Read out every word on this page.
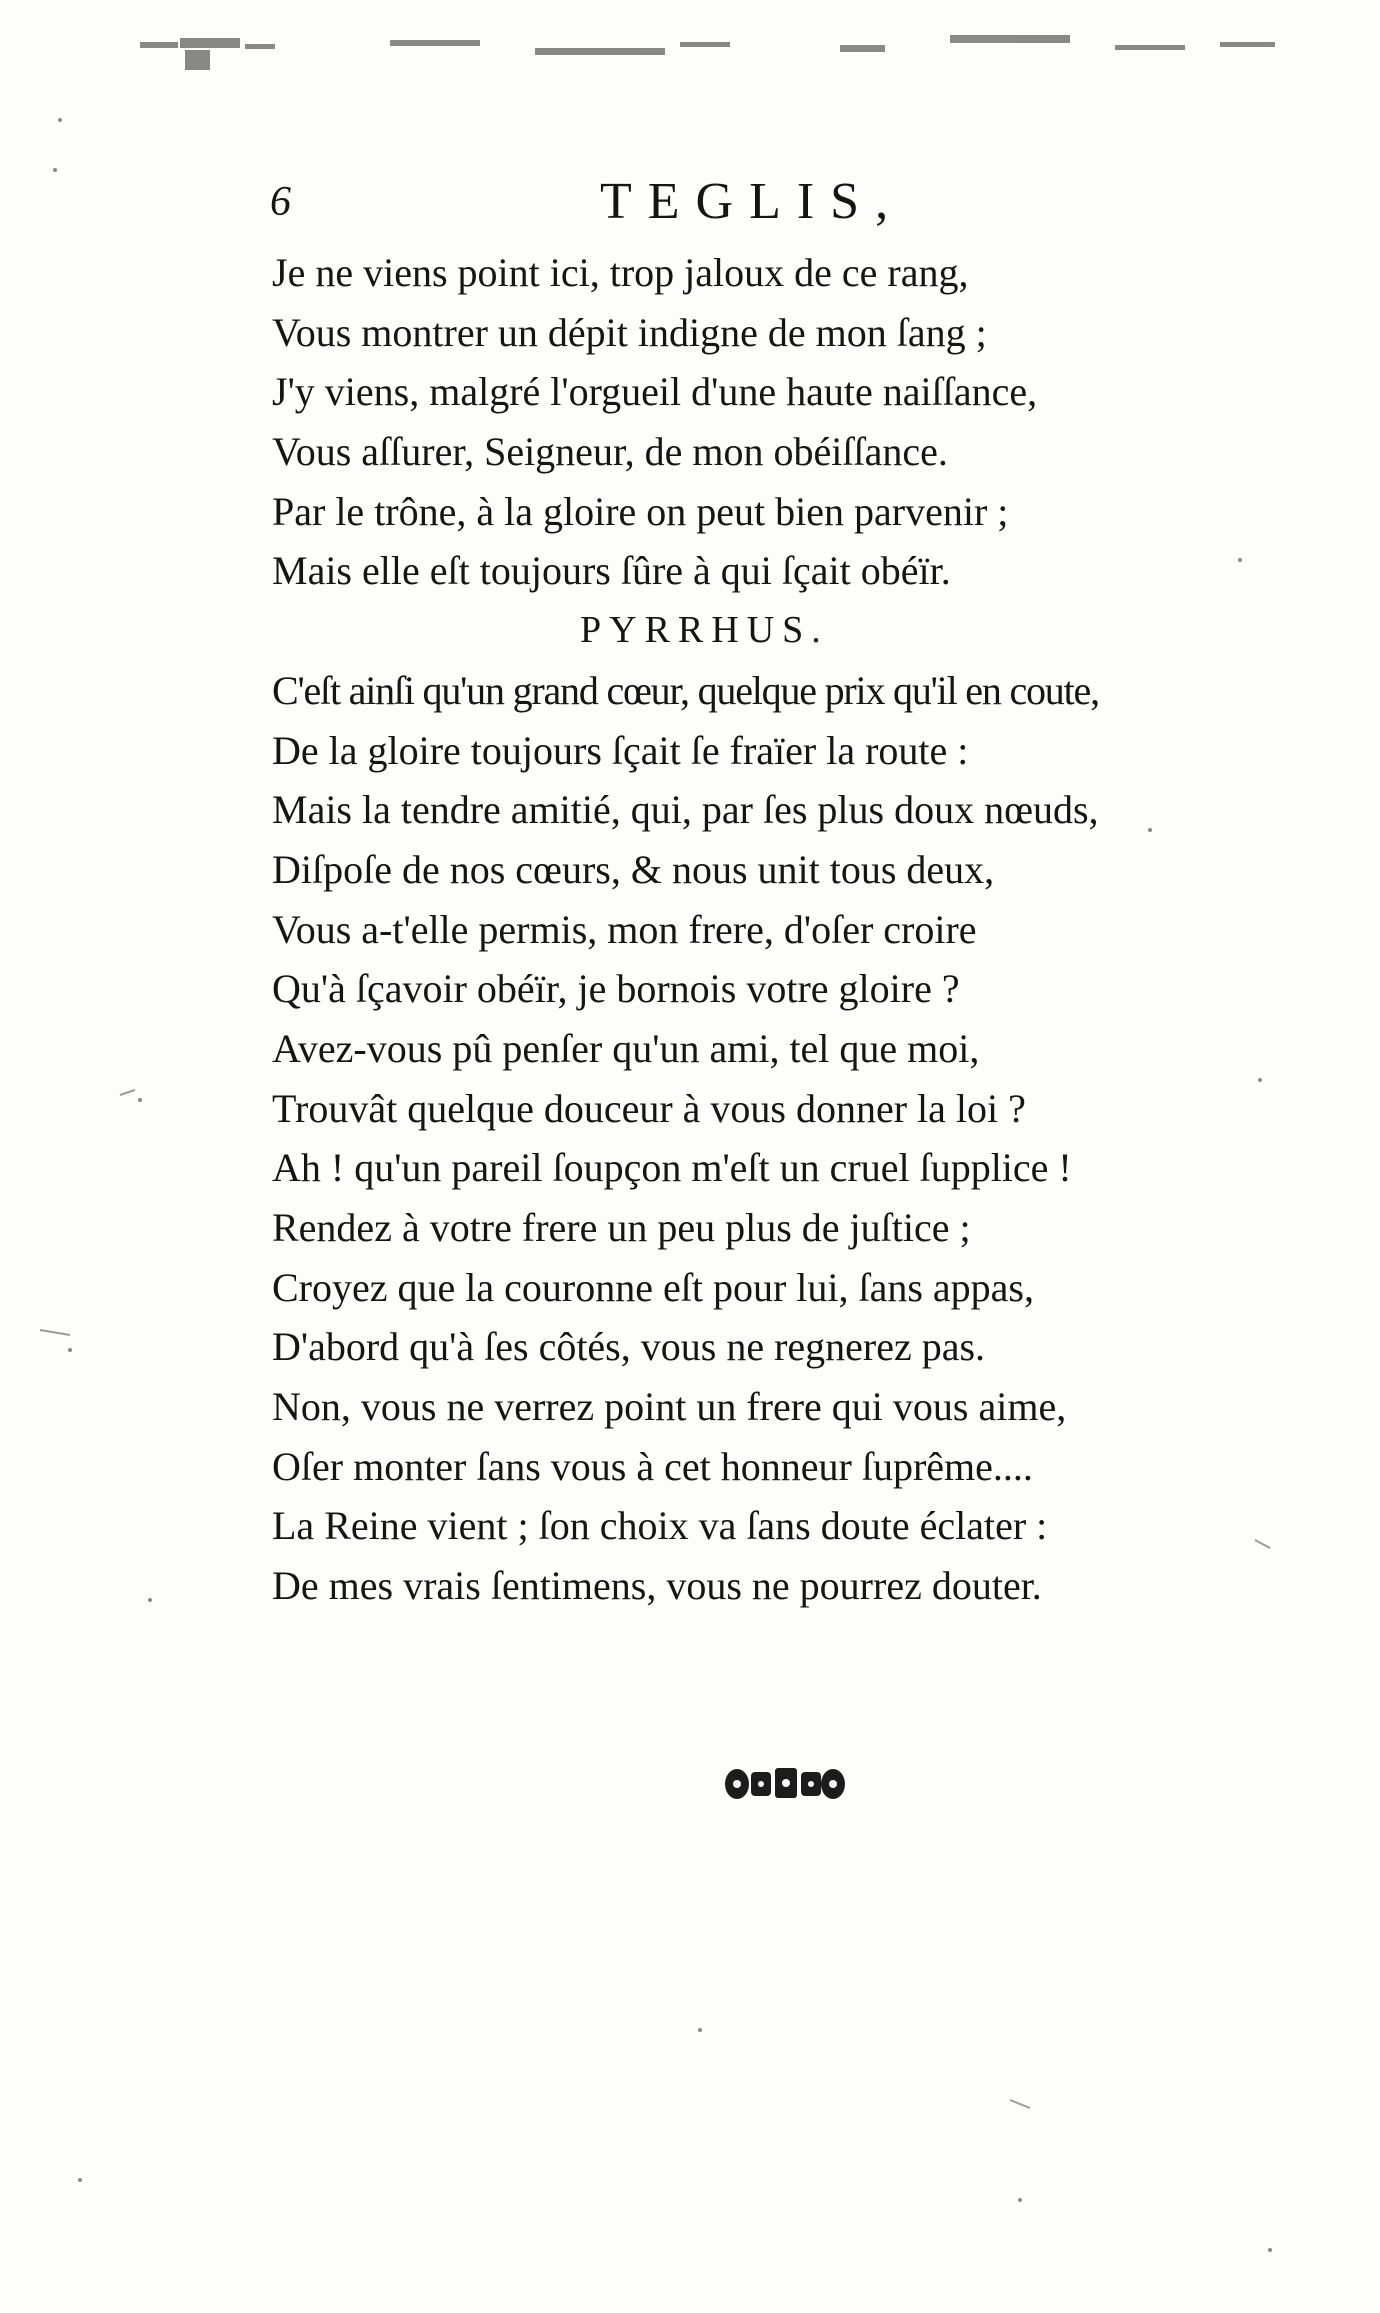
6	TEGLIS,
Je ne viens point ici, trop jaloux de ce rang,
Vous montrer un dépit indigne de mon ſang ;
J'y viens, malgré l'orgueil d'une haute naiſſance,
Vous aſſurer, Seigneur, de mon obéiſſance.
Par le trône, à la gloire on peut bien parvenir ;
Mais elle eſt toujours ſûre à qui ſçait obéïr.
PYRRHUS.
C'eſt ainſi qu'un grand cœur, quelque prix qu'il en coute,
De la gloire toujours ſçait ſe fraïer la route :
Mais la tendre amitié, qui, par ſes plus doux nœuds,
Diſpoſe de nos cœurs, & nous unit tous deux,
Vous a-t'elle permis, mon frere, d'oſer croire
Qu'à ſçavoir obéïr, je bornois votre gloire ?
Avez-vous pû penſer qu'un ami, tel que moi,
Trouvât quelque douceur à vous donner la loi ?
Ah ! qu'un pareil ſoupçon m'eſt un cruel ſupplice !
Rendez à votre frere un peu plus de juſtice ;
Croyez que la couronne eſt pour lui, ſans appas,
D'abord qu'à ſes côtés, vous ne regnerez pas.
Non, vous ne verrez point un frere qui vous aime,
Oſer monter ſans vous à cet honneur ſuprême....
La Reine vient ; ſon choix va ſans doute éclater :
De mes vrais ſentimens, vous ne pourrez douter.
